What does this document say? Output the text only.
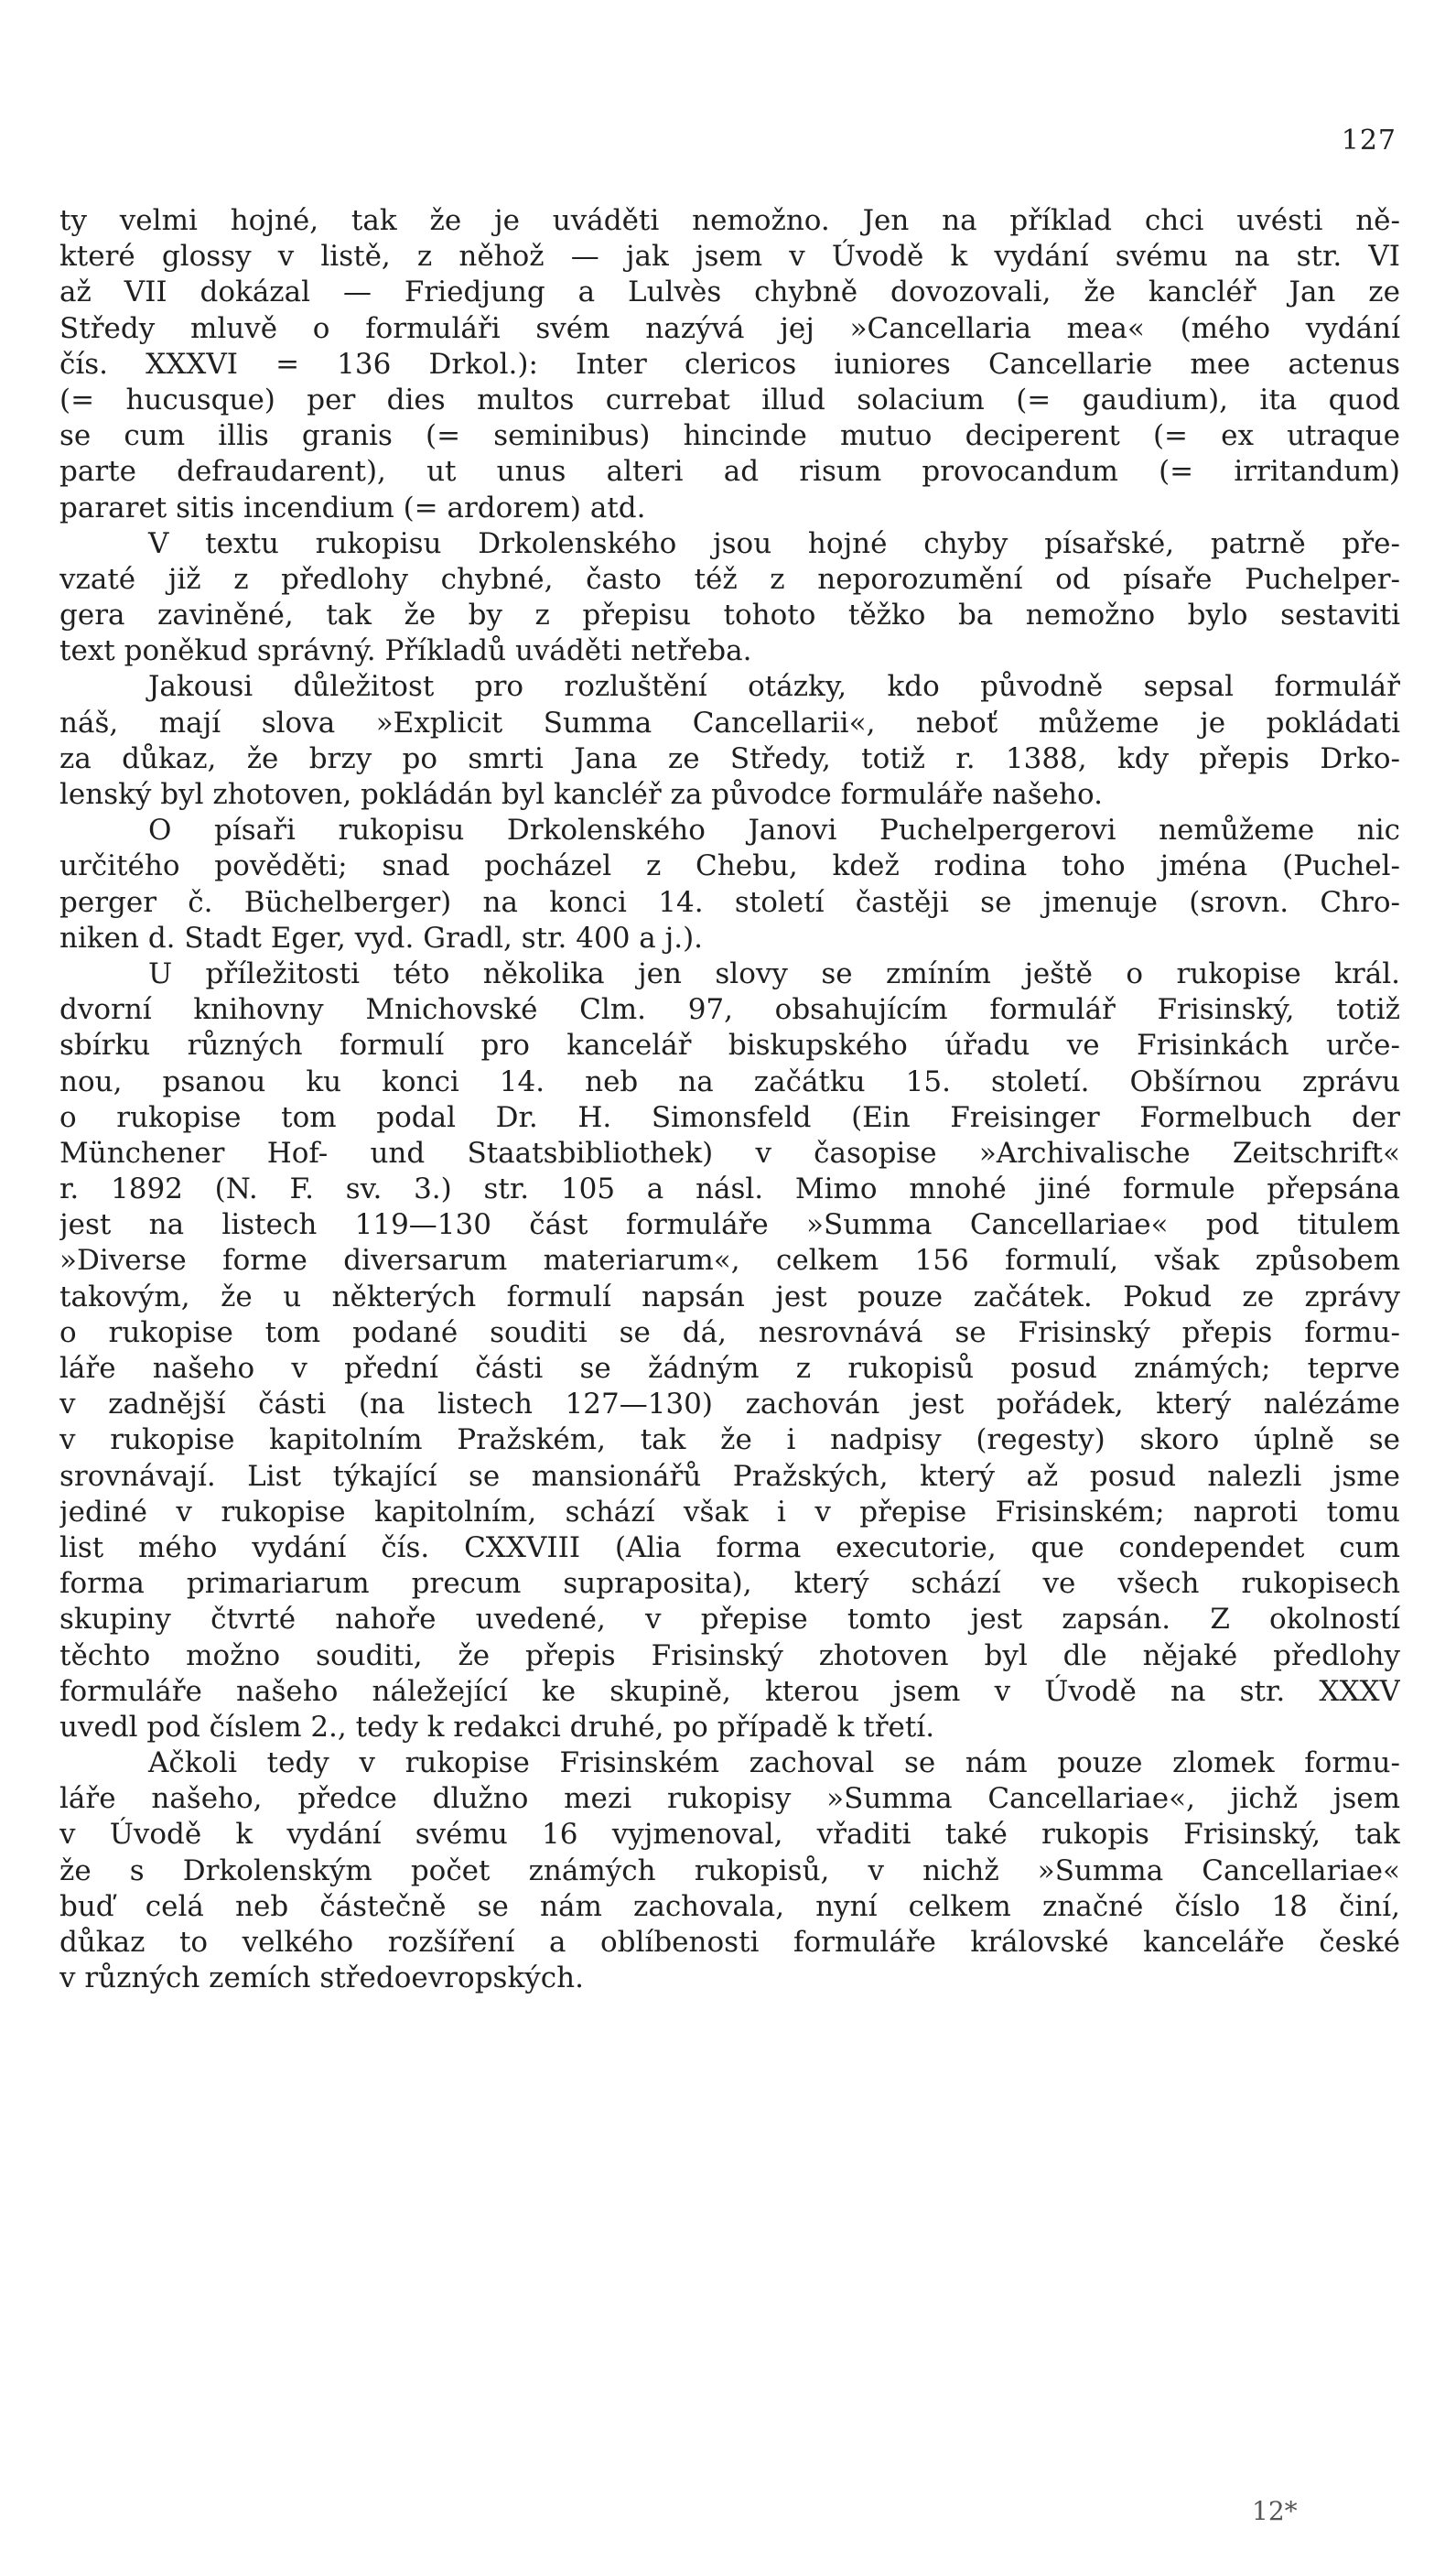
127
ty velmi hojné, tak že je uváděti nemožno. Jen na příklad chci uvésti ně-
které glossy v listě, z něhož — jak jsem v Úvodě k vydání svému na str. VI
až VII dokázal — Friedjung a Lulvès chybně dovozovali, že kancléř Jan ze
Středy mluvě o formuláři svém nazývá jej »Cancellaria mea« (mého vydání
čís. XXXVI = 136 Drkol.): Inter clericos iuniores Cancellarie mee actenus
(= hucusque) per dies multos currebat illud solacium (= gaudium), ita quod
se cum illis granis (= seminibus) hincinde mutuo deciperent (= ex utraque
parte defraudarent), ut unus alteri ad risum provocandum (= irritandum)
pararet sitis incendium (= ardorem) atd.
V textu rukopisu Drkolenského jsou hojné chyby písařské, patrně pře-
vzaté již z předlohy chybné, často též z neporozumění od písaře Puchelper-
gera zaviněné, tak že by z přepisu tohoto těžko ba nemožno bylo sestaviti
text poněkud správný. Příkladů uváděti netřeba.
Jakousi důležitost pro rozluštění otázky, kdo původně sepsal formulář
náš, mají slova »Explicit Summa Cancellarii«, neboť můžeme je pokládati
za důkaz, že brzy po smrti Jana ze Středy, totiž r. 1388, kdy přepis Drko-
lenský byl zhotoven, pokládán byl kancléř za původce formuláře našeho.
O písaři rukopisu Drkolenského Janovi Puchelpergerovi nemůžeme nic
určitého pověděti; snad pocházel z Chebu, kdež rodina toho jména (Puchel-
perger č. Büchelberger) na konci 14. století častěji se jmenuje (srovn. Chro-
niken d. Stadt Eger, vyd. Gradl, str. 400 a j.).
U příležitosti této několika jen slovy se zmíním ještě o rukopise král.
dvorní knihovny Mnichovské Clm. 97, obsahujícím formulář Frisinský, totiž
sbírku různých formulí pro kancelář biskupského úřadu ve Frisinkách urče-
nou, psanou ku konci 14. neb na začátku 15. století. Obšírnou zprávu
o rukopise tom podal Dr. H. Simonsfeld (Ein Freisinger Formelbuch der
Münchener Hof- und Staatsbibliothek) v časopise »Archivalische Zeitschrift«
r. 1892 (N. F. sv. 3.) str. 105 a násl. Mimo mnohé jiné formule přepsána
jest na listech 119—130 část formuláře »Summa Cancellariae« pod titulem
»Diverse forme diversarum materiarum«, celkem 156 formulí, však způsobem
takovým, že u některých formulí napsán jest pouze začátek. Pokud ze zprávy
o rukopise tom podané souditi se dá, nesrovnává se Frisinský přepis formu-
láře našeho v přední části se žádným z rukopisů posud známých; teprve
v zadnější části (na listech 127—130) zachován jest pořádek, který nalézáme
v rukopise kapitolním Pražském, tak že i nadpisy (regesty) skoro úplně se
srovnávají. List týkající se mansionářů Pražských, který až posud nalezli jsme
jediné v rukopise kapitolním, schází však i v přepise Frisinském; naproti tomu
list mého vydání čís. CXXVIII (Alia forma executorie, que condependet cum
forma primariarum precum supraposita), který schází ve všech rukopisech
skupiny čtvrté nahoře uvedené, v přepise tomto jest zapsán. Z okolností
těchto možno souditi, že přepis Frisinský zhotoven byl dle nějaké předlohy
formuláře našeho náležející ke skupině, kterou jsem v Úvodě na str. XXXV
uvedl pod číslem 2., tedy k redakci druhé, po případě k třetí.
Ačkoli tedy v rukopise Frisinském zachoval se nám pouze zlomek formu-
láře našeho, předce dlužno mezi rukopisy »Summa Cancellariae«, jichž jsem
v Úvodě k vydání svému 16 vyjmenoval, vřaditi také rukopis Frisinský, tak
že s Drkolenským počet známých rukopisů, v nichž »Summa Cancellariae«
buď celá neb částečně se nám zachovala, nyní celkem značné číslo 18 činí,
důkaz to velkého rozšíření a oblíbenosti formuláře královské kanceláře české
v různých zemích středoevropských.
12*
